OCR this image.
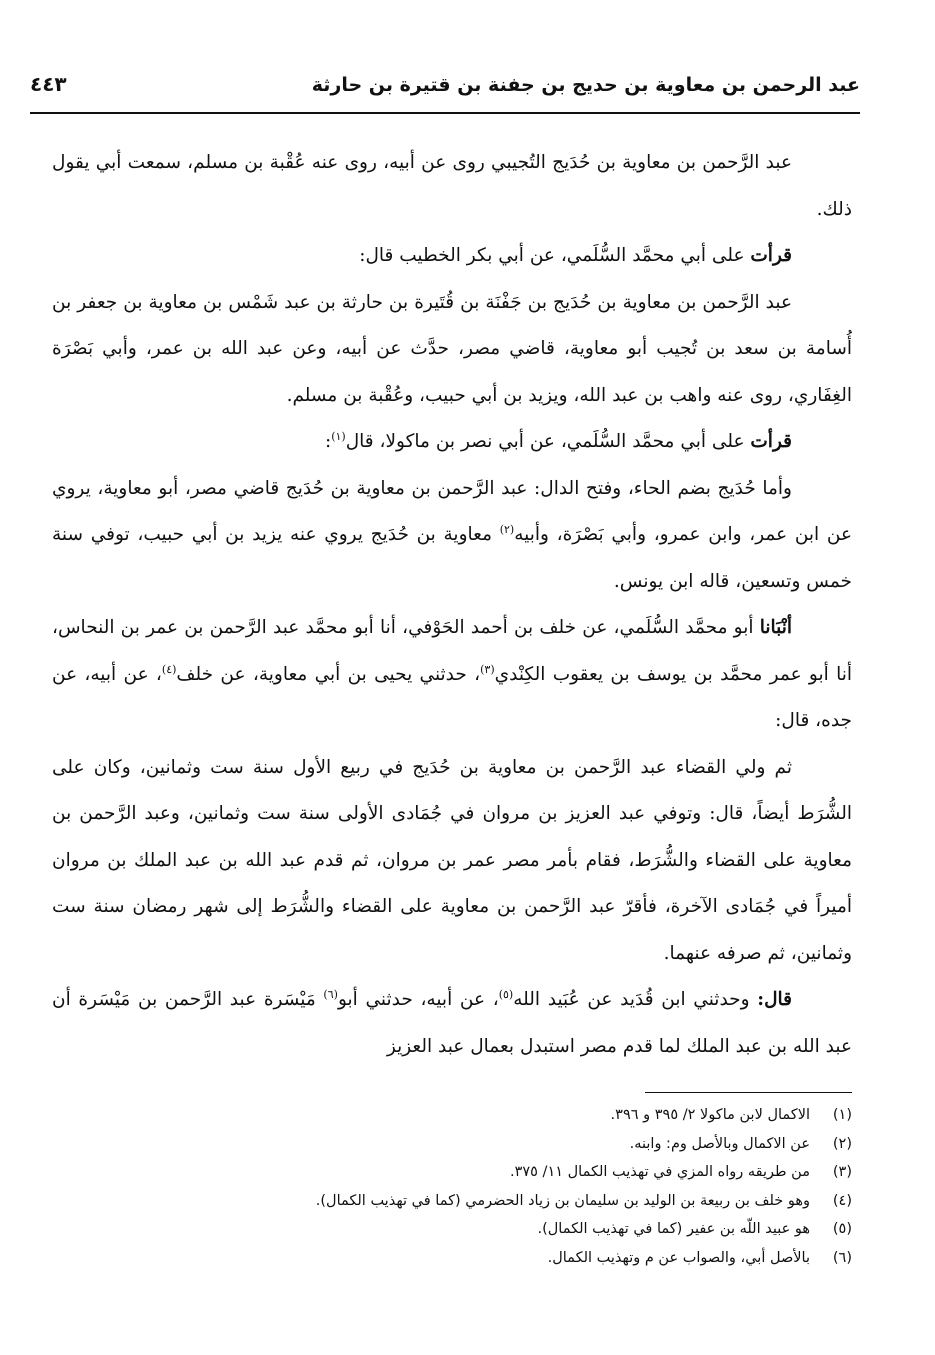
عبد الرحمن بن معاوية بن حديج بن جفنة بن قتيرة بن حارثة
٤٤٣

عبد الرَّحمن بن معاوية بن حُدَيج التُجيبي روى عن أبيه، روى عنه عُقْبة بن مسلم، سمعت أبي يقول ذلك.

قرأت على أبي محمَّد السُّلَمي، عن أبي بكر الخطيب قال:

عبد الرَّحمن بن معاوية بن حُدَيج بن جَفْنَة بن قُتَيرة بن حارثة بن عبد شَمْس بن معاوية بن جعفر بن أُسامة بن سعد بن تُجيب أبو معاوية، قاضي مصر، حدَّث عن أبيه، وعن عبد الله بن عمر، وأبي بَصْرَة الغِفَاري، روى عنه واهب بن عبد الله، ويزيد بن أبي حبيب، وعُقْبة بن مسلم.

قرأت على أبي محمَّد السُّلَمي، عن أبي نصر بن ماكولا، قال$^{(١)}$:

وأما حُدَيج بضم الحاء، وفتح الدال: عبد الرَّحمن بن معاوية بن حُدَيج قاضي مصر، أبو معاوية، يروي عن ابن عمر، وابن عمرو، وأبي بَصْرَة، وأبيه$^{(٢)}$ معاوية بن حُدَيج يروي عنه يزيد بن أبي حبيب، توفي سنة خمس وتسعين، قاله ابن يونس.

أنْبَانا أبو محمَّد السُّلَمي، عن خلف بن أحمد الحَوْفي، أنا أبو محمَّد عبد الرَّحمن بن عمر بن النحاس، أنا أبو عمر محمَّد بن يوسف بن يعقوب الكِنْدي$^{(٣)}$، حدثني يحيى بن أبي معاوية، عن خلف$^{(٤)}$، عن أبيه، عن جده، قال:

ثم ولي القضاء عبد الرَّحمن بن معاوية بن حُدَيج في ربيع الأول سنة ست وثمانين، وكان على الشُّرَط أيضاً، قال: وتوفي عبد العزيز بن مروان في جُمَادى الأولى سنة ست وثمانين، وعبد الرَّحمن بن معاوية على القضاء والشُّرَط، فقام بأمر مصر عمر بن مروان، ثم قدم عبد الله بن عبد الملك بن مروان أميراً في جُمَادى الآخرة، فأقرّ عبد الرَّحمن بن معاوية على القضاء والشُّرَط إلى شهر رمضان سنة ست وثمانين، ثم صرفه عنهما.

قال: وحدثني ابن قُدَيد عن عُبَيد الله$^{(٥)}$، عن أبيه، حدثني أبو$^{(٦)}$ مَيْسَرة عبد الرَّحمن بن مَيْسَرة أن عبد الله بن عبد الملك لما قدم مصر استبدل بعمال عبد العزيز

(١)
الاكمال لابن ماكولا ٢/ ٣٩٥ و ٣٩٦.
(٢)
عن الاكمال وبالأصل وم: وابنه.
(٣)
من طريقه رواه المزي في تهذيب الكمال ١١/ ٣٧٥.
(٤)
وهو خلف بن ربيعة بن الوليد بن سليمان بن زياد الحضرمي (كما في تهذيب الكمال).
(٥)
هو عبيد اللّه بن عفير (كما في تهذيب الكمال).
(٦)
بالأصل أبي، والصواب عن م وتهذيب الكمال.
